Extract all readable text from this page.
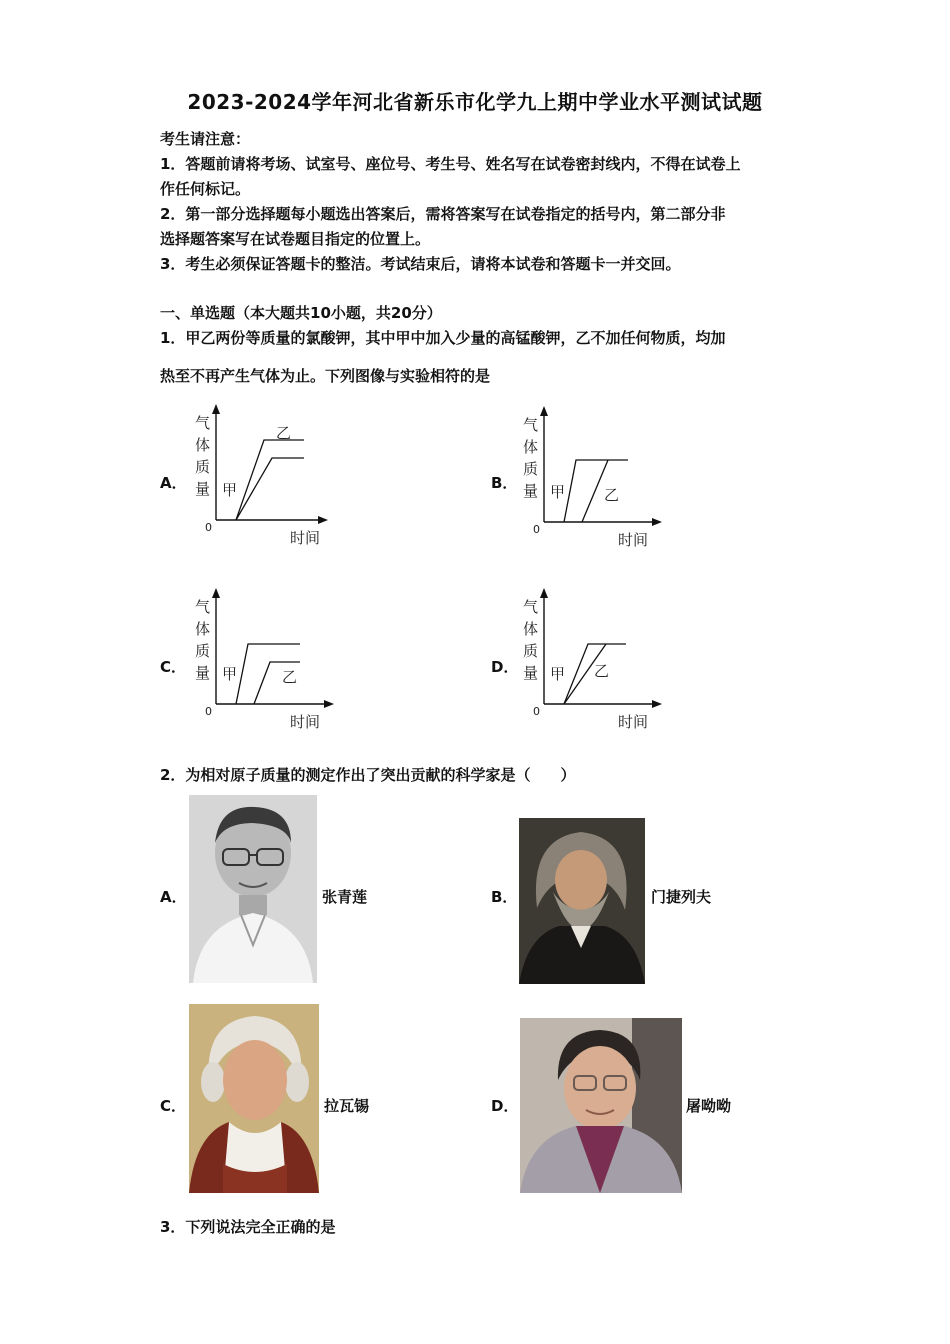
2023-2024学年河北省新乐市化学九上期中学业水平测试试题
考生请注意：
1．答题前请将考场、试室号、座位号、考生号、姓名写在试卷密封线内，不得在试卷上
作任何标记。
2．第一部分选择题每小题选出答案后，需将答案写在试卷指定的括号内，第二部分非
选择题答案写在试卷题目指定的位置上。
3．考生必须保证答题卡的整洁。考试结束后，请将本试卷和答题卡一并交回。
一、单选题（本大题共10小题，共20分）
1．甲乙两份等质量的氯酸钾，其中甲中加入少量的高锰酸钾，乙不加任何物质，均加
热至不再产生气体为止。下列图像与实验相符的是
A．
气
体
质
量
0
时间
甲
乙
B．
气
体
质
量
0
时间
甲	乙
C．
气
体
质
量
0
时间
甲	乙
D．
气
体
质
量
0
时间
甲 乙
2．为相对原子质量的测定作出了突出贡献的科学家是（　　）
A．	张青莲	B．	门捷列夫
C．	拉瓦锡	D．	屠呦呦
3．下列说法完全正确的是
